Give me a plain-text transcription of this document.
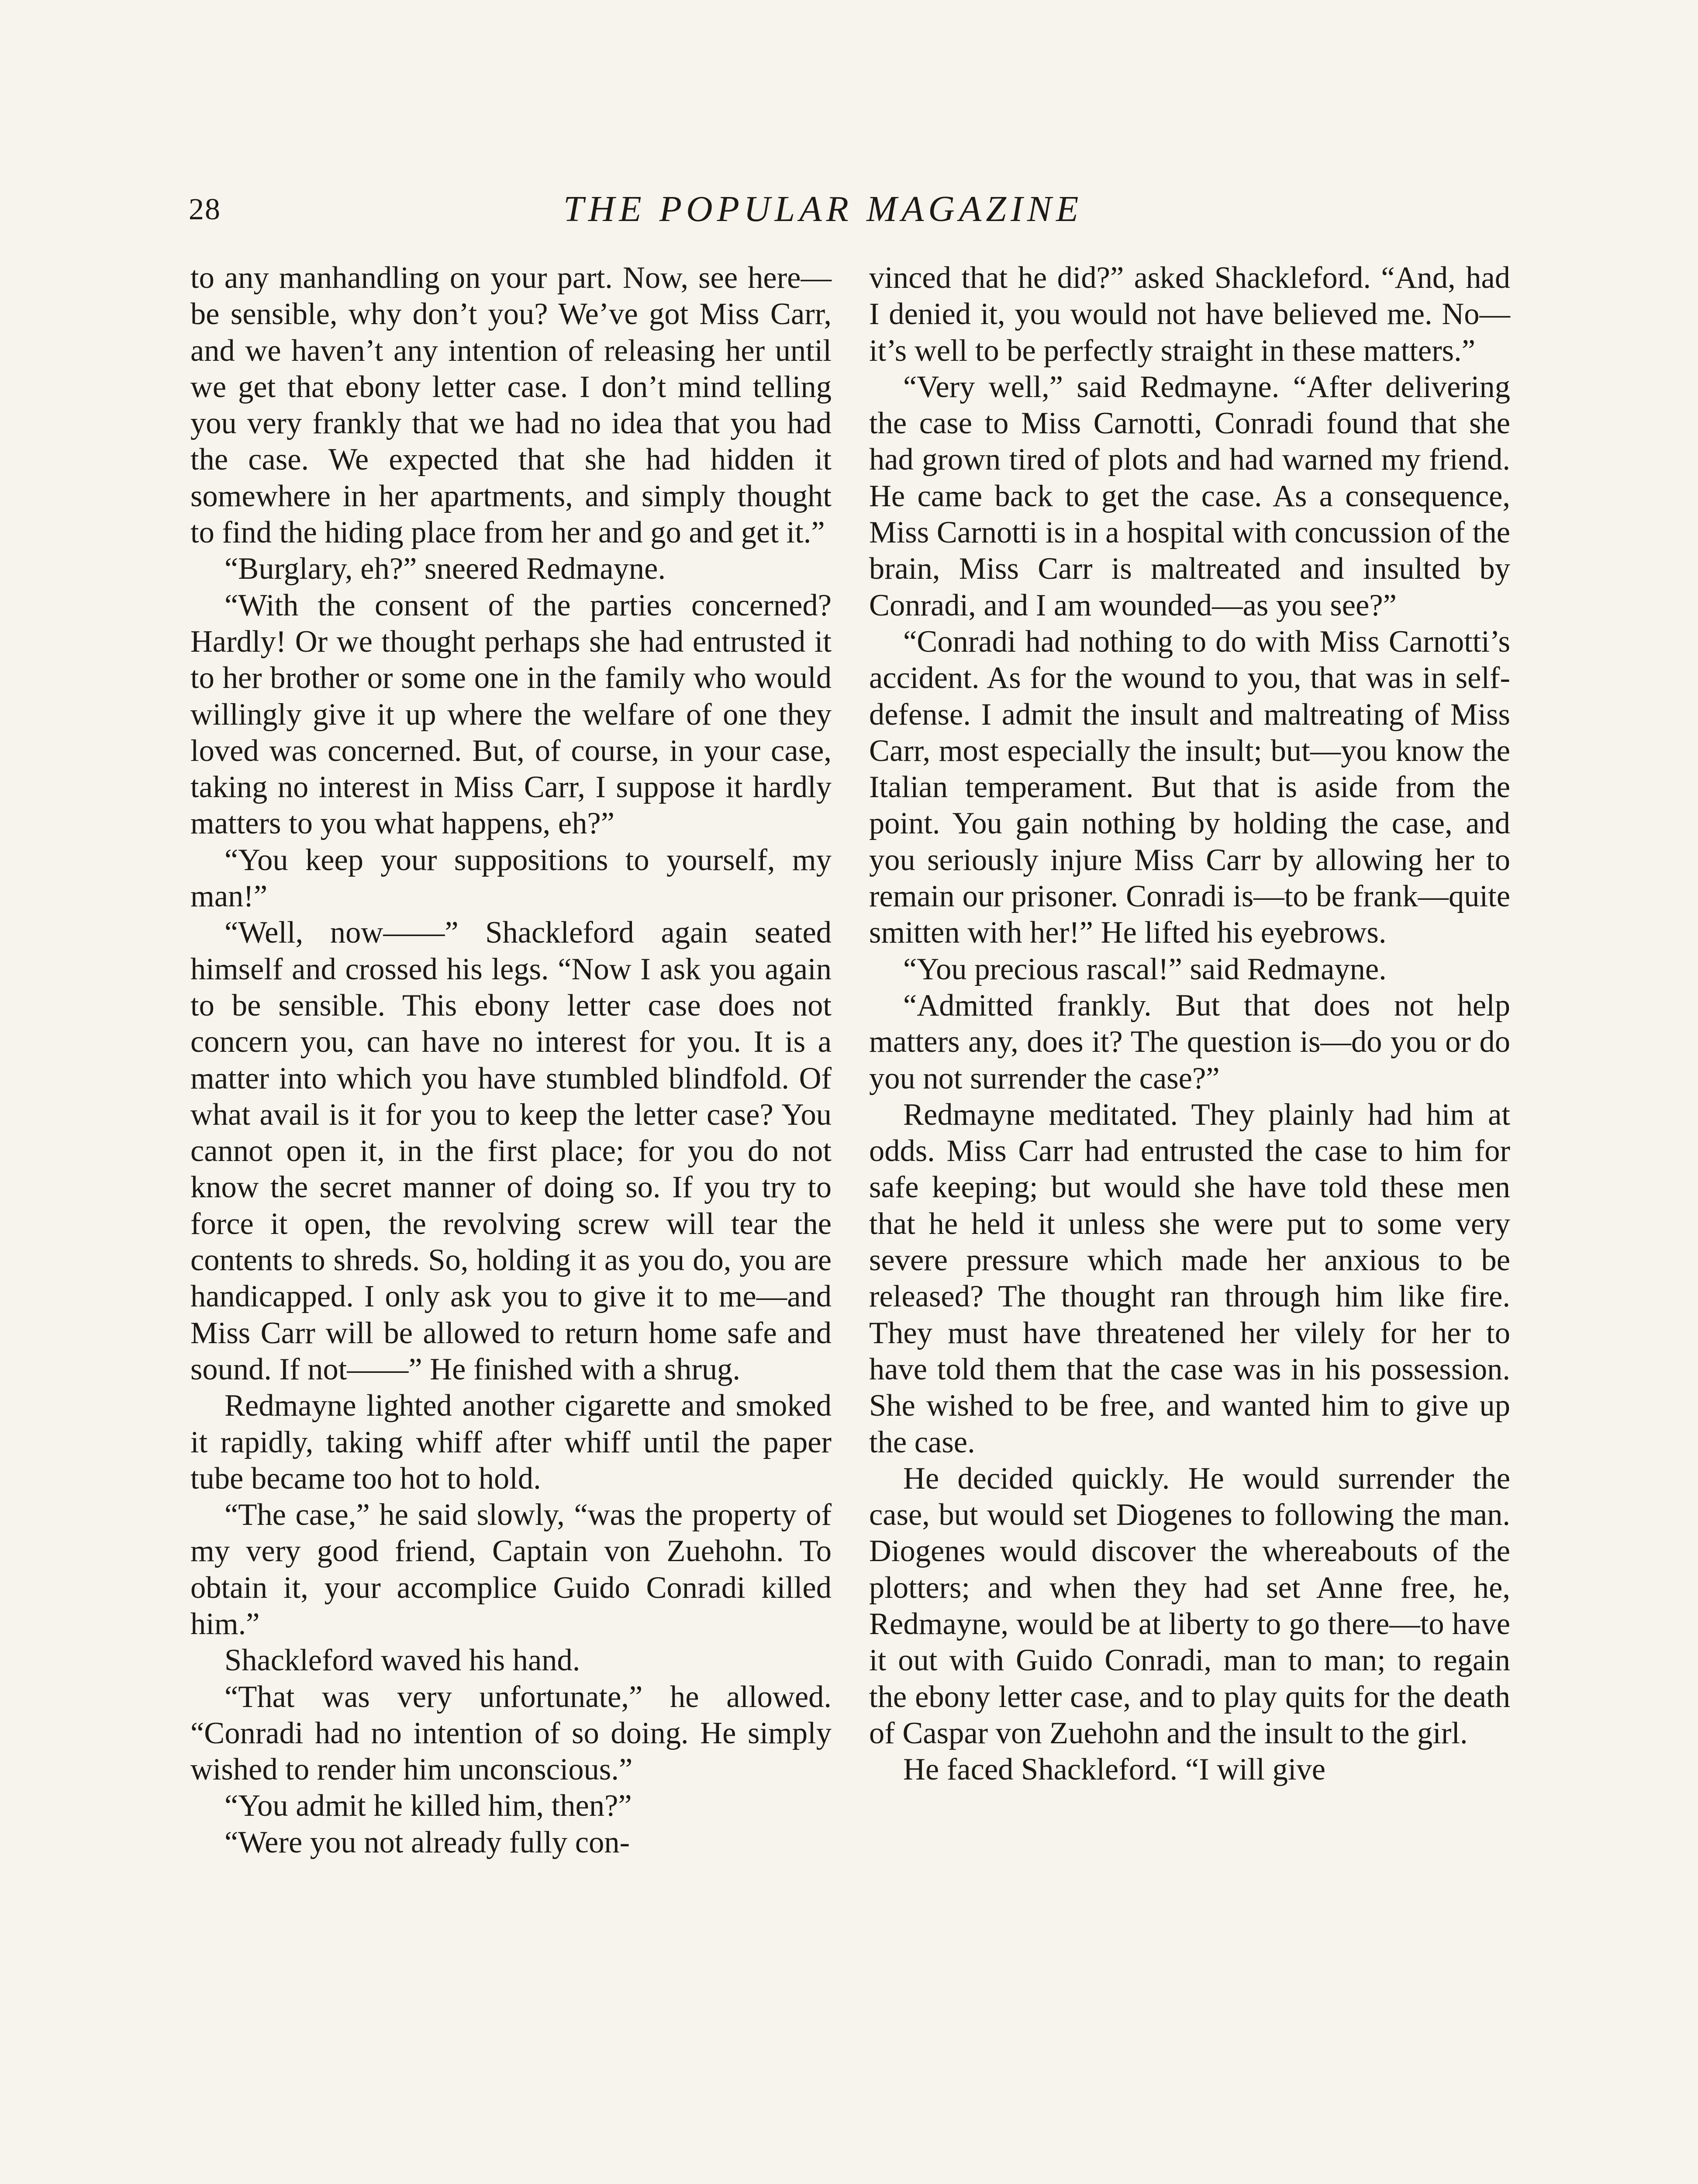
28	THE POPULAR MAGAZINE

to any manhandling on your part. Now, see here—be sensible, why don’t you? We’ve got Miss Carr, and we haven’t any intention of releasing her until we get that ebony letter case. I don’t mind telling you very frankly that we had no idea that you had the case. We expected that she had hidden it somewhere in her apartments, and simply thought to find the hiding place from her and go and get it.”

“Burglary, eh?” sneered Redmayne.

“With the consent of the parties concerned? Hardly! Or we thought perhaps she had entrusted it to her brother or some one in the family who would willingly give it up where the welfare of one they loved was concerned. But, of course, in your case, taking no interest in Miss Carr, I suppose it hardly matters to you what happens, eh?”

“You keep your suppositions to yourself, my man!”

“Well, now——” Shackleford again seated himself and crossed his legs. “Now I ask you again to be sensible. This ebony letter case does not concern you, can have no interest for you. It is a matter into which you have stumbled blindfold. Of what avail is it for you to keep the letter case? You cannot open it, in the first place; for you do not know the secret manner of doing so. If you try to force it open, the revolving screw will tear the contents to shreds. So, holding it as you do, you are handicapped. I only ask you to give it to me—and Miss Carr will be allowed to return home safe and sound. If not——” He finished with a shrug.

Redmayne lighted another cigarette and smoked it rapidly, taking whiff after whiff until the paper tube became too hot to hold.

“The case,” he said slowly, “was the property of my very good friend, Captain von Zuehohn. To obtain it, your accomplice Guido Conradi killed him.”

Shackleford waved his hand.

“That was very unfortunate,” he allowed. “Conradi had no intention of so doing. He simply wished to render him unconscious.”

“You admit he killed him, then?”

“Were you not already fully con-

vinced that he did?” asked Shackleford. “And, had I denied it, you would not have believed me. No—it’s well to be perfectly straight in these matters.”

“Very well,” said Redmayne. “After delivering the case to Miss Carnotti, Conradi found that she had grown tired of plots and had warned my friend. He came back to get the case. As a consequence, Miss Carnotti is in a hospital with concussion of the brain, Miss Carr is maltreated and insulted by Conradi, and I am wounded—as you see?”

“Conradi had nothing to do with Miss Carnotti’s accident. As for the wound to you, that was in self-defense. I admit the insult and maltreating of Miss Carr, most especially the insult; but—you know the Italian temperament. But that is aside from the point. You gain nothing by holding the case, and you seriously injure Miss Carr by allowing her to remain our prisoner. Conradi is—to be frank—quite smitten with her!” He lifted his eyebrows.

“You precious rascal!” said Redmayne.

“Admitted frankly. But that does not help matters any, does it? The question is—do you or do you not surrender the case?”

Redmayne meditated. They plainly had him at odds. Miss Carr had entrusted the case to him for safe keeping; but would she have told these men that he held it unless she were put to some very severe pressure which made her anxious to be released? The thought ran through him like fire. They must have threatened her vilely for her to have told them that the case was in his possession. She wished to be free, and wanted him to give up the case.

He decided quickly. He would surrender the case, but would set Diogenes to following the man. Diogenes would discover the whereabouts of the plotters; and when they had set Anne free, he, Redmayne, would be at liberty to go there—to have it out with Guido Conradi, man to man; to regain the ebony letter case, and to play quits for the death of Caspar von Zuehohn and the insult to the girl.

He faced Shackleford. “I will give
